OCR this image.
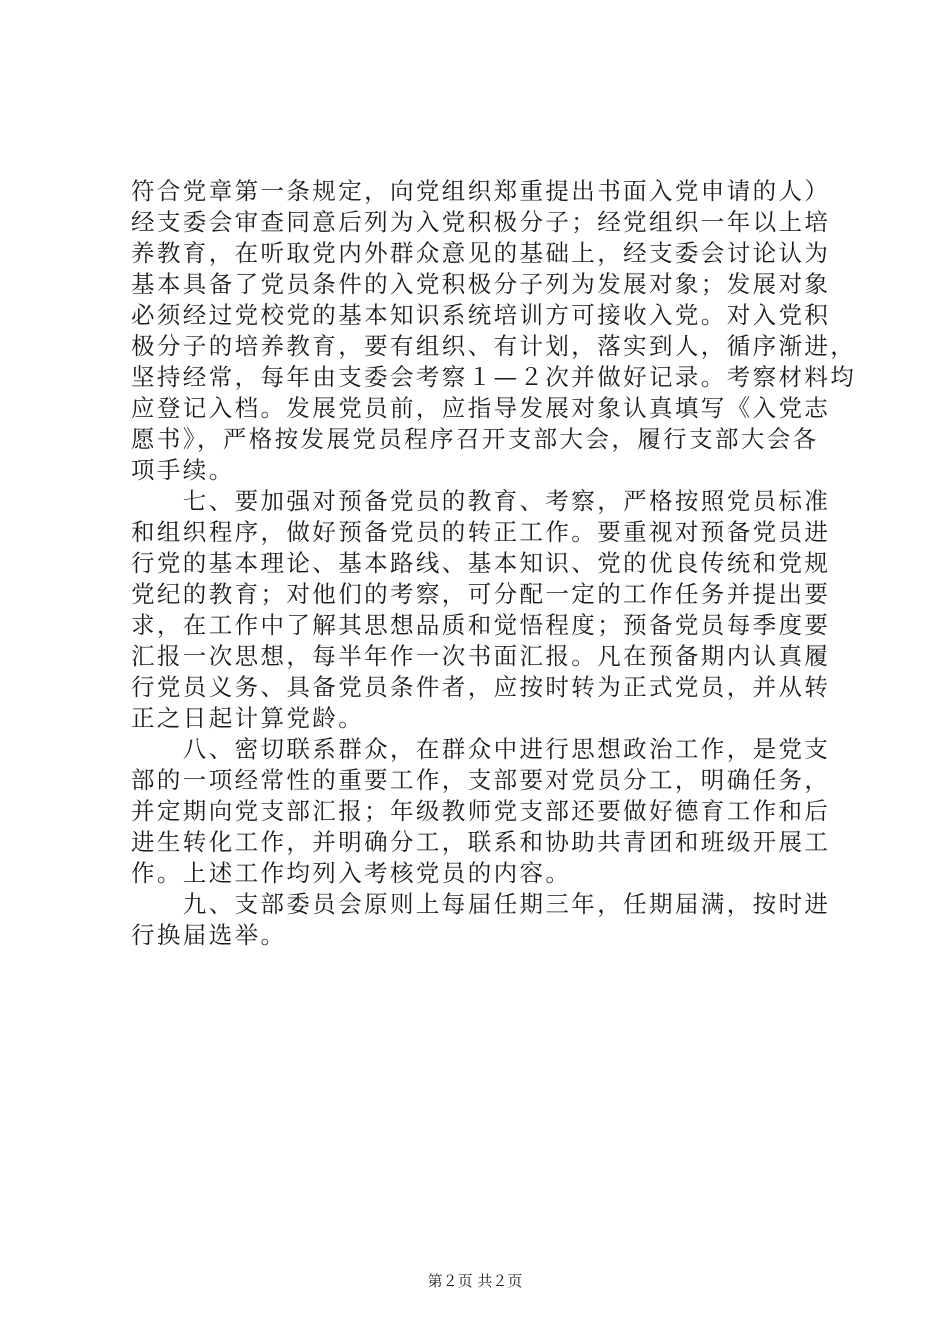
符合党章第一条规定，向党组织郑重提出书面入党申请的人）
经支委会审查同意后列为入党积极分子；经党组织一年以上培
养教育，在听取党内外群众意见的基础上，经支委会讨论认为
基本具备了党员条件的入党积极分子列为发展对象；发展对象
必须经过党校党的基本知识系统培训方可接收入党。对入党积
极分子的培养教育，要有组织、有计划，落实到人，循序渐进，
坚持经常，每年由支委会考察１—２次并做好记录。考察材料均
应登记入档。发展党员前，应指导发展对象认真填写《入党志
愿书》，严格按发展党员程序召开支部大会，履行支部大会各
项手续。
　　七、要加强对预备党员的教育、考察，严格按照党员标准
和组织程序，做好预备党员的转正工作。要重视对预备党员进
行党的基本理论、基本路线、基本知识、党的优良传统和党规
党纪的教育；对他们的考察，可分配一定的工作任务并提出要
求，在工作中了解其思想品质和觉悟程度；预备党员每季度要
汇报一次思想，每半年作一次书面汇报。凡在预备期内认真履
行党员义务、具备党员条件者，应按时转为正式党员，并从转
正之日起计算党龄。
　　八、密切联系群众，在群众中进行思想政治工作，是党支
部的一项经常性的重要工作，支部要对党员分工，明确任务，
并定期向党支部汇报；年级教师党支部还要做好德育工作和后
进生转化工作，并明确分工，联系和协助共青团和班级开展工
作。上述工作均列入考核党员的内容。
　　九、支部委员会原则上每届任期三年，任期届满，按时进
行换届选举。
第２页 共２页
